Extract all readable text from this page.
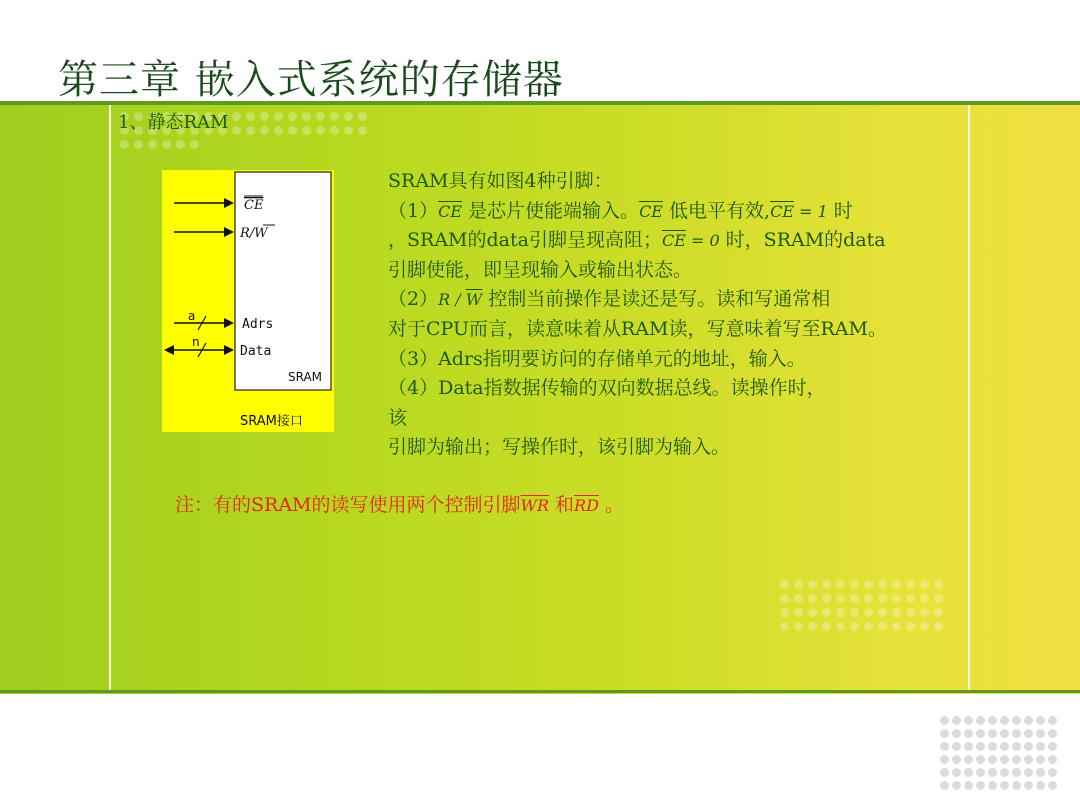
第三章 嵌入式系统的存储器
1、静态RAM
CE
R/W
Adrs
Data
a
n
SRAM
SRAM接口
SRAM具有如图4种引脚：
$(1)\overline{CE}$ 是芯片使能端输入。$\overline{CE}$ 低电平有效$,\overline{CE} = 1$ 时
，SRAM的data引脚呈现高阻；$\overline{CE} = 0$ 时，SRAM的data
引脚使能，即呈现输入或输出状态。
$(2)R / \overline{W}$ 控制当前操作是读还是写。读和写通常相
对于CPU而言，读意味着从RAM读，写意味着写至RAM。
（3）Adrs指明要访问的存储单元的地址，输入。
（4）Data指数据传输的双向数据总线。读操作时，
该
引脚为输出；写操作时，该引脚为输入。
注：有的SRAM的读写使用两个控制引脚$\overline{WR}$ 和$\overline{RD}$ 。
